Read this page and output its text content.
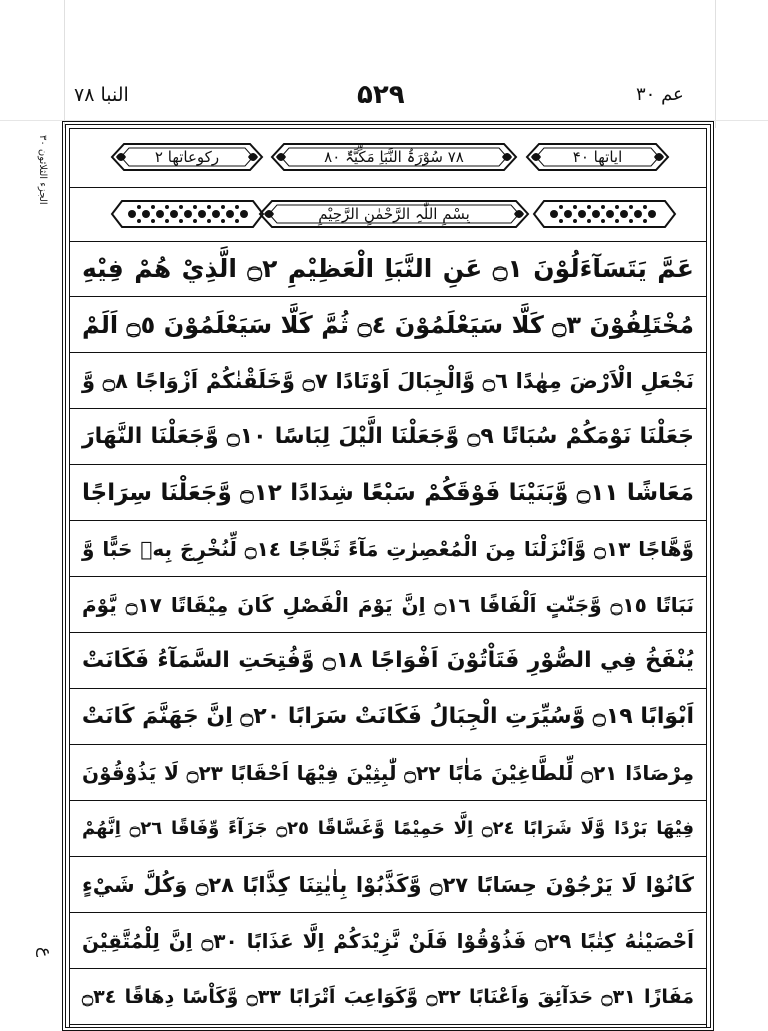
عم ۳۰
۵۲۹
النبا ۷۸
الجزء الثلاثون ۳۰
ع
ایاتھا ۴۰
۷۸ سُوْرَۃُ النَّبَاِ مَکِّیَّۃٌ ۸۰
رکوعاتھا ۲
بِسْمِ اللّٰہِ الرَّحْمٰنِ الرَّحِیْمِ
عَمَّ يَتَسَآءَلُوْنَ ۝١ عَنِ النَّبَاِ الْعَظِيْمِ ۝٢ الَّذِيْ هُمْ فِيْهِ
مُخْتَلِفُوْنَ ۝٣ كَلَّا سَيَعْلَمُوْنَ ۝٤ ثُمَّ كَلَّا سَيَعْلَمُوْنَ ۝٥ اَلَمْ
نَجْعَلِ الْاَرْضَ مِهٰدًا ۝٦ وَّالْجِبَالَ اَوْتَادًا ۝٧ وَّخَلَقْنٰكُمْ اَزْوَاجًا ۝٨ وَّ
جَعَلْنَا نَوْمَكُمْ سُبَاتًا ۝٩ وَّجَعَلْنَا الَّيْلَ لِبَاسًا ۝١٠ وَّجَعَلْنَا النَّهَارَ
مَعَاشًا ۝١١ وَّبَنَيْنَا فَوْقَكُمْ سَبْعًا شِدَادًا ۝١٢ وَّجَعَلْنَا سِرَاجًا
وَّهَّاجًا ۝١٣ وَّاَنْزَلْنَا مِنَ الْمُعْصِرٰتِ مَآءً ثَجَّاجًا ۝١٤ لِّنُخْرِجَ بِهٖ حَبًّا وَّ
نَبَاتًا ۝١٥ وَّجَنّٰتٍ اَلْفَافًا ۝١٦ اِنَّ يَوْمَ الْفَصْلِ كَانَ مِيْقَاتًا ۝١٧ يَّوْمَ
يُنْفَخُ فِي الصُّوْرِ فَتَاْتُوْنَ اَفْوَاجًا ۝١٨ وَّفُتِحَتِ السَّمَآءُ فَكَانَتْ
اَبْوَابًا ۝١٩ وَّسُيِّرَتِ الْجِبَالُ فَكَانَتْ سَرَابًا ۝٢٠ اِنَّ جَهَنَّمَ كَانَتْ
مِرْصَادًا ۝٢١ لِّلطَّاغِيْنَ مَاٰبًا ۝٢٢ لّٰبِثِيْنَ فِيْهَا اَحْقَابًا ۝٢٣ لَا يَذُوْقُوْنَ
فِيْهَا بَرْدًا وَّلَا شَرَابًا ۝٢٤ اِلَّا حَمِيْمًا وَّغَسَّاقًا ۝٢٥ جَزَآءً وِّفَاقًا ۝٢٦ اِنَّهُمْ
كَانُوْا لَا يَرْجُوْنَ حِسَابًا ۝٢٧ وَّكَذَّبُوْا بِاٰيٰتِنَا كِذَّابًا ۝٢٨ وَكُلَّ شَيْءٍ
اَحْصَيْنٰهُ كِتٰبًا ۝٢٩ فَذُوْقُوْا فَلَنْ نَّزِيْدَكُمْ اِلَّا عَذَابًا ۝٣٠ اِنَّ لِلْمُتَّقِيْنَ
مَفَازًا ۝٣١ حَدَآئِقَ وَاَعْنَابًا ۝٣٢ وَّكَوَاعِبَ اَتْرَابًا ۝٣٣ وَّكَاْسًا دِهَاقًا ۝٣٤
